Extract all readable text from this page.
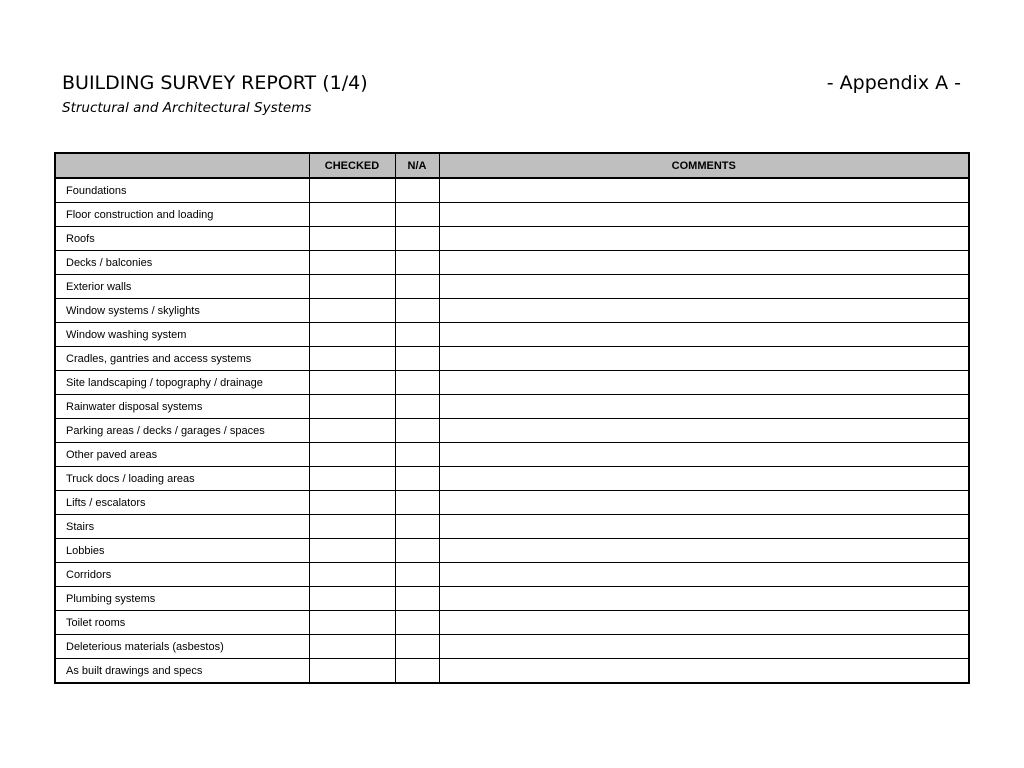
BUILDING SURVEY REPORT (1/4)	- Appendix A -
Structural and Architectural Systems
	CHECKED	N/A	COMMENTS
Foundations			
Floor construction and loading			
Roofs			
Decks / balconies			
Exterior walls			
Window systems / skylights			
Window washing system			
Cradles, gantries and access systems			
Site landscaping / topography / drainage			
Rainwater disposal systems			
Parking areas / decks / garages / spaces			
Other paved areas			
Truck docs / loading areas			
Lifts / escalators			
Stairs			
Lobbies			
Corridors			
Plumbing systems			
Toilet rooms			
Deleterious materials (asbestos)			
As built drawings and specs			
